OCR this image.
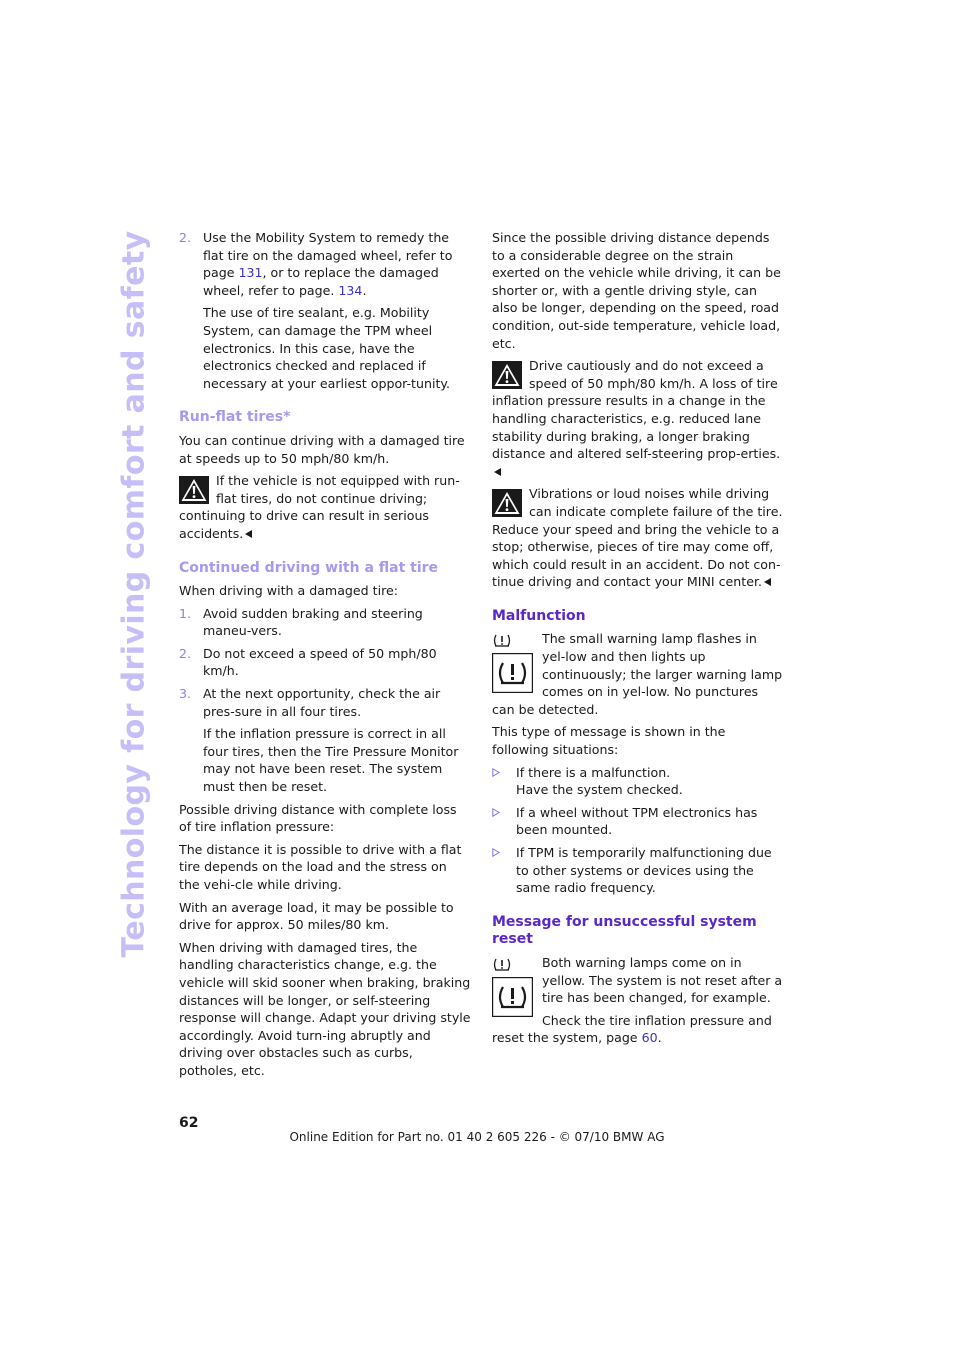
Technology for driving comfort and safety 2. Use the Mobility System to remedy the flat tire on the damaged wheel, refer to page 131, or to replace the damaged wheel, refer to page. 134.

The use of tire sealant, e.g. Mobility System, can damage the TPM wheel electronics. In this case, have the electronics checked and replaced if necessary at your earliest oppor-tunity.

Run-flat tires*

You can continue driving with a damaged tire at speeds up to 50 mph/80 km/h.

If the vehicle is not equipped with run-flat tires, do not continue driving; continuing to drive can result in serious accidents.
Continued driving with a flat tire

When driving with a damaged tire:

1. Avoid sudden braking and steering maneu-vers.
2. Do not exceed a speed of 50 mph/80 km/h.
3. At the next opportunity, check the air pres-sure in all four tires.

If the inflation pressure is correct in all four tires, then the Tire Pressure Monitor may not have been reset. The system must then be reset.

Possible driving distance with complete loss of tire inflation pressure:

The distance it is possible to drive with a flat tire depends on the load and the stress on the vehi-cle while driving.

With an average load, it may be possible to drive for approx. 50 miles/80 km.

When driving with damaged tires, the handling characteristics change, e.g. the vehicle will skid sooner when braking, braking distances will be longer, or self-steering response will change. Adapt your driving style accordingly. Avoid turn-ing abruptly and driving over obstacles such as curbs, potholes, etc.

Since the possible driving distance depends to a considerable degree on the strain exerted on the vehicle while driving, it can be shorter or, with a gentle driving style, can also be longer, depending on the speed, road condition, out-side temperature, vehicle load, etc.

Drive cautiously and do not exceed a speed of 50 mph/80 km/h. A loss of tire inflation pressure results in a change in the handling characteristics, e.g. reduced lane stability during braking, a longer braking distance and altered self-steering prop-erties.
Vibrations or loud noises while driving can indicate complete failure of the tire. Reduce your speed and bring the vehicle to a stop; otherwise, pieces of tire may come off, which could result in an accident. Do not con-tinue driving and contact your MINI center.
Malfunction
The small warning lamp flashes in yel-low and then lights up continuously; the larger warning lamp comes on in yel-low. No punctures can be detected.

This type of message is shown in the following situations:

If there is a malfunction.
Have the system checked.
If a wheel without TPM electronics has been mounted.
If TPM is temporarily malfunctioning due to other systems or devices using the same radio frequency.
Message for unsuccessful system reset

Both warning lamps come on in yellow. The system is not reset after a tire has been changed, for example.

Check the tire inflation pressure and reset the system, page 60.

62
Online Edition for Part no. 01 40 2 605 226 - © 07/10 BMW AG
